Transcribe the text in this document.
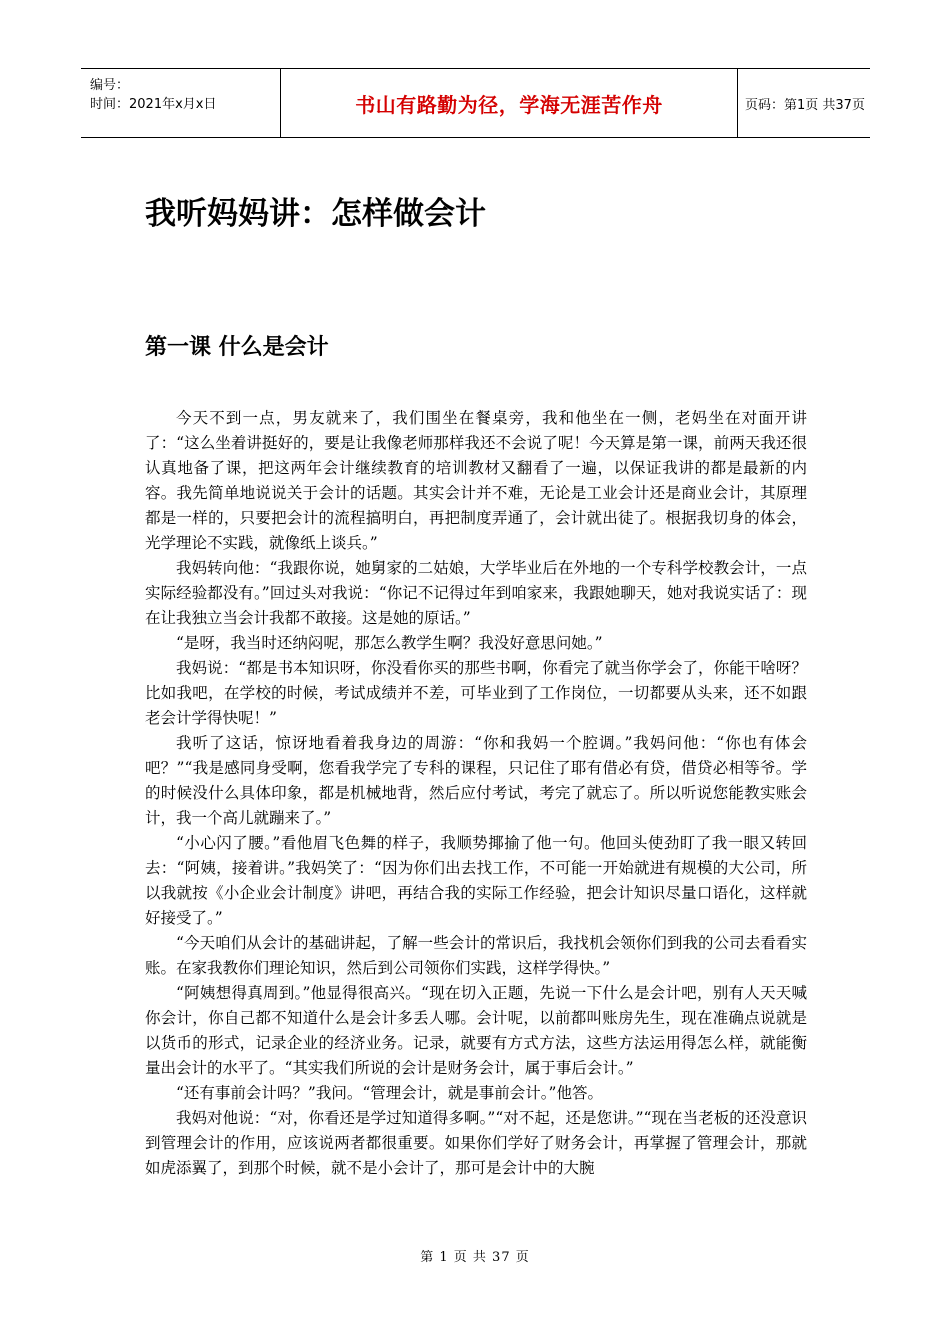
编号：
时间：2021年x月x日	书山有路勤为径，学海无涯苦作舟	页码：第1页 共37页
我听妈妈讲：怎样做会计
第一课 什么是会计

今天不到一点，男友就来了，我们围坐在餐桌旁，我和他坐在一侧，老妈坐在对面开讲了：“这么坐着讲挺好的，要是让我像老师那样我还不会说了呢！今天算是第一课，前两天我还很认真地备了课，把这两年会计继续教育的培训教材又翻看了一遍，以保证我讲的都是最新的内容。我先简单地说说关于会计的话题。其实会计并不难，无论是工业会计还是商业会计，其原理都是一样的，只要把会计的流程搞明白，再把制度弄通了，会计就出徒了。根据我切身的体会，光学理论不实践，就像纸上谈兵。”

我妈转向他：“我跟你说，她舅家的二姑娘，大学毕业后在外地的一个专科学校教会计，一点实际经验都没有。”回过头对我说：“你记不记得过年到咱家来，我跟她聊天，她对我说实话了：现在让我独立当会计我都不敢接。这是她的原话。”

“是呀，我当时还纳闷呢，那怎么教学生啊？我没好意思问她。”

我妈说：“都是书本知识呀，你没看你买的那些书啊，你看完了就当你学会了，你能干啥呀？比如我吧，在学校的时候，考试成绩并不差，可毕业到了工作岗位，一切都要从头来，还不如跟老会计学得快呢！”

我听了这话，惊讶地看着我身边的周游：“你和我妈一个腔调。”我妈问他：“你也有体会吧？”“我是感同身受啊，您看我学完了专科的课程，只记住了耶有借必有贷，借贷必相等爷。学的时候没什么具体印象，都是机械地背，然后应付考试，考完了就忘了。所以听说您能教实账会计，我一个高儿就蹦来了。”

“小心闪了腰。”看他眉飞色舞的样子，我顺势揶揄了他一句。他回头使劲盯了我一眼又转回去：“阿姨，接着讲。”我妈笑了：“因为你们出去找工作，不可能一开始就进有规模的大公司，所以我就按《小企业会计制度》讲吧，再结合我的实际工作经验，把会计知识尽量口语化，这样就好接受了。”

“今天咱们从会计的基础讲起，了解一些会计的常识后，我找机会领你们到我的公司去看看实账。在家我教你们理论知识，然后到公司领你们实践，这样学得快。”

“阿姨想得真周到。”他显得很高兴。“现在切入正题，先说一下什么是会计吧，别有人天天喊你会计，你自己都不知道什么是会计多丢人哪。会计呢，以前都叫账房先生，现在准确点说就是以货币的形式，记录企业的经济业务。记录，就要有方式方法，这些方法运用得怎么样，就能衡量出会计的水平了。“其实我们所说的会计是财务会计，属于事后会计。”

“还有事前会计吗？”我问。“管理会计，就是事前会计。”他答。

我妈对他说：“对，你看还是学过知道得多啊。”“对不起，还是您讲。”“现在当老板的还没意识到管理会计的作用，应该说两者都很重要。如果你们学好了财务会计，再掌握了管理会计，那就如虎添翼了，到那个时候，就不是小会计了，那可是会计中的大腕

第 1 页 共 37 页
